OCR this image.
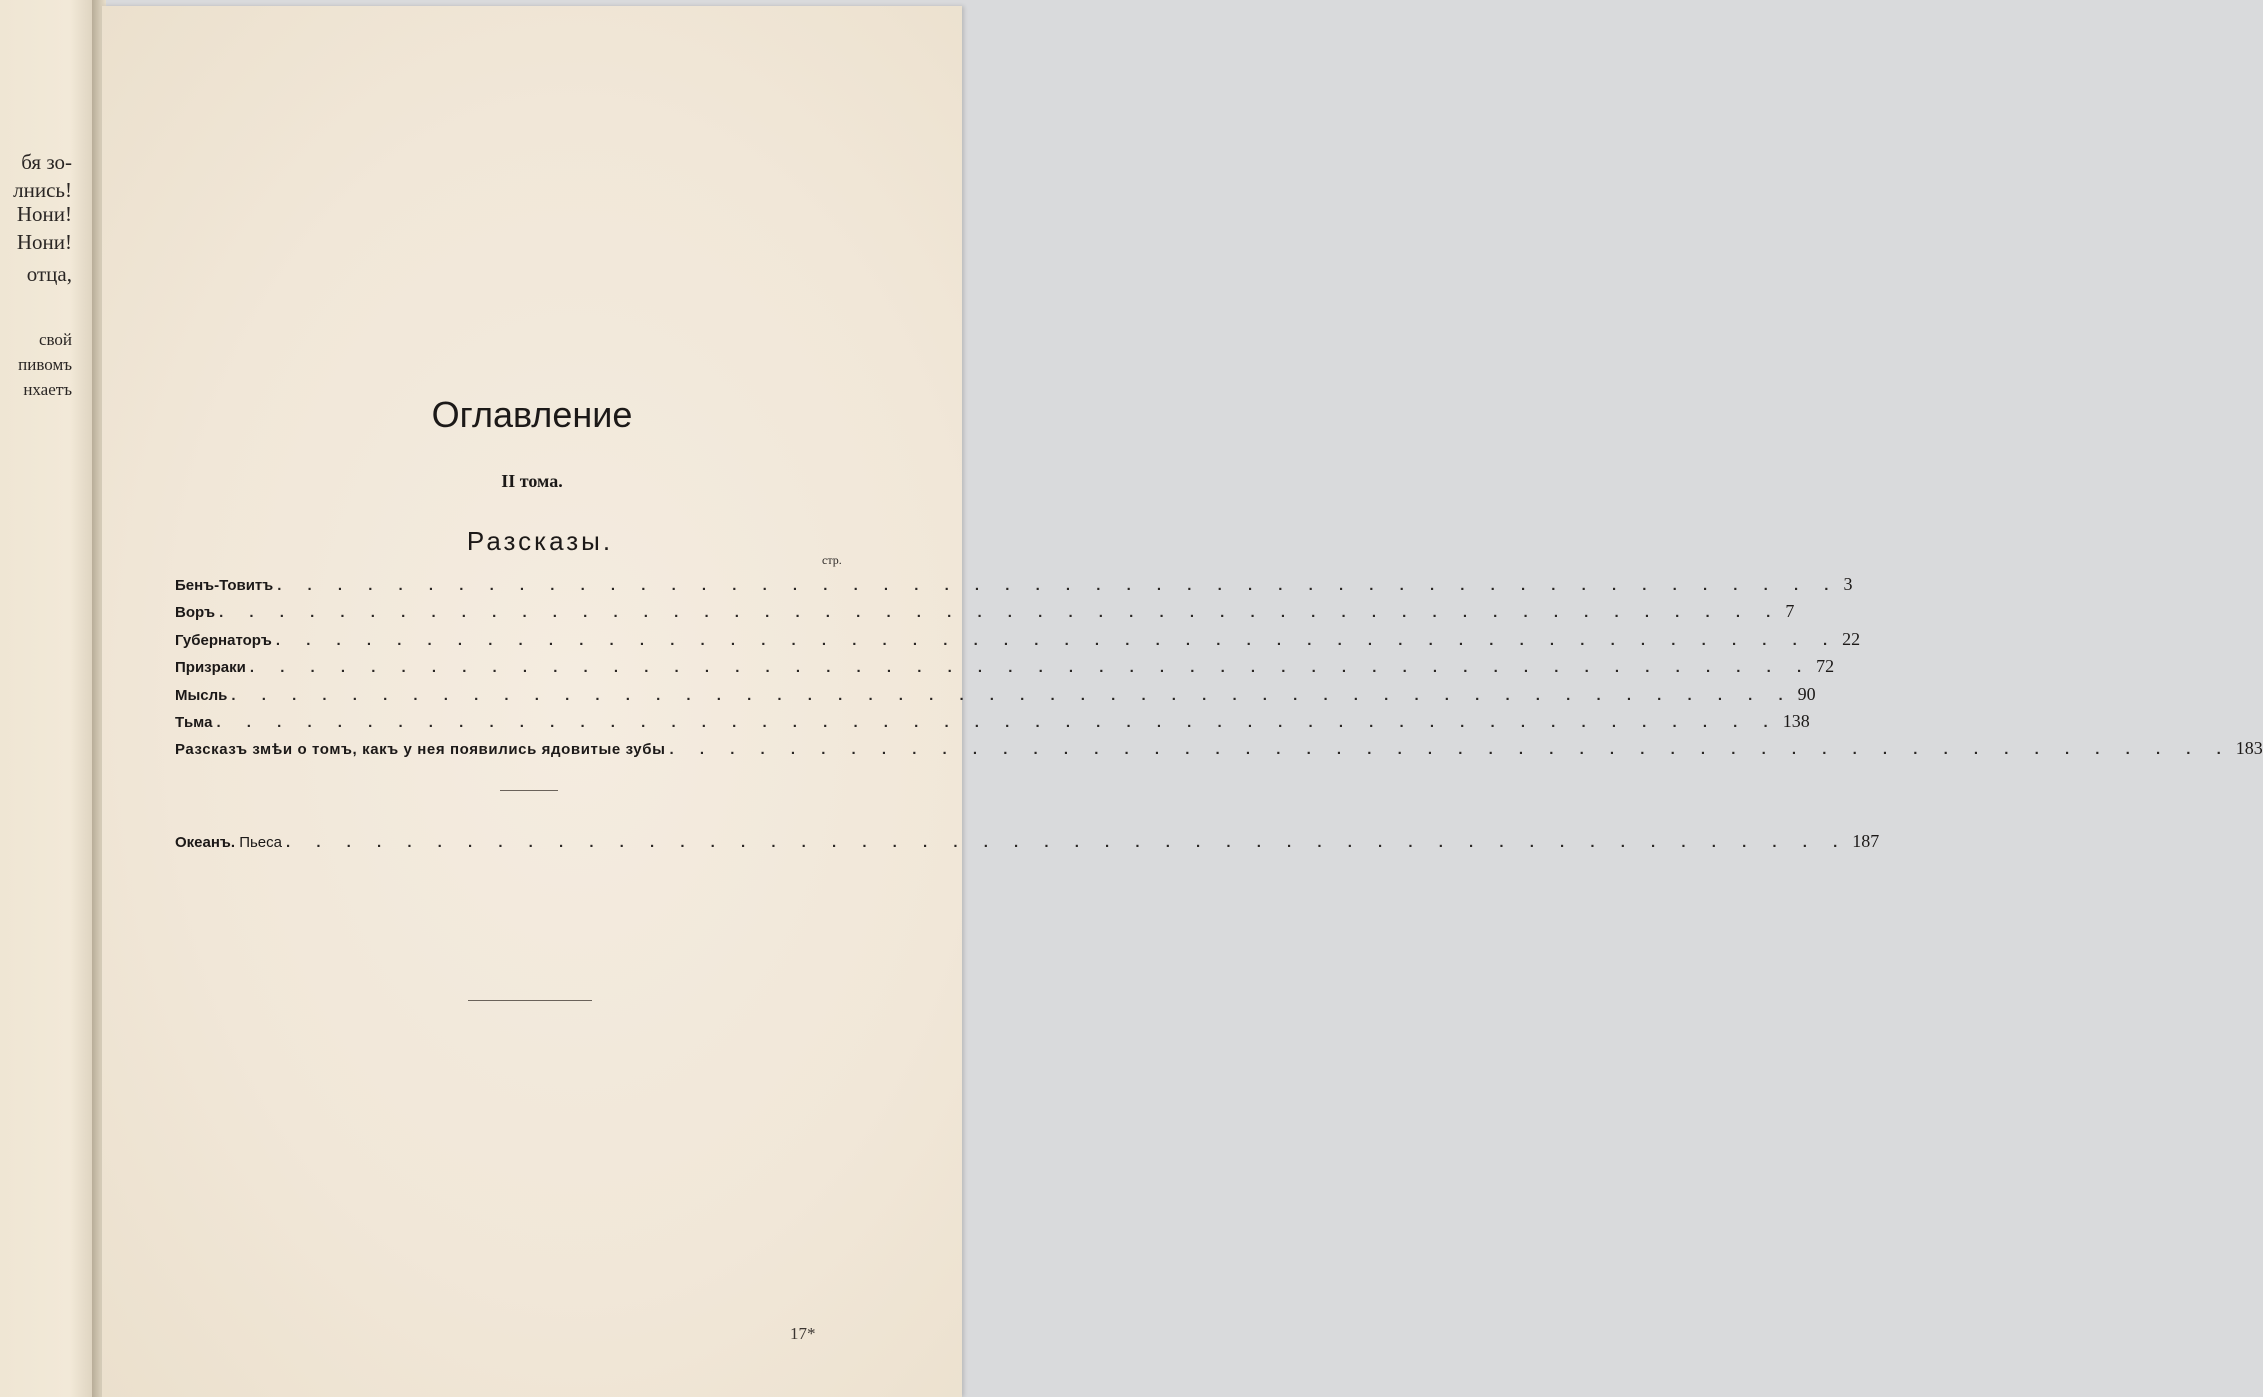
бя зо-
лнись!
Нони!
Нони!
отца,
свой
пивомъ
нхаетъ
Оглавление
II тома.
Разсказы.
стр.
Бенъ-Товитъ . . . . . . . . . . . . . . . . . . . . . . . . . . . . . . . . . . . . . . . . . . . . . . . . . . . . 3
Воръ . . . . . . . . . . . . . . . . . . . . . . . . . . . . . . . . . . . . . . . . . . . . . . . . . . . . 7
Губернаторъ . . . . . . . . . . . . . . . . . . . . . . . . . . . . . . . . . . . . . . . . . . . . . . . . . . . . 22
Призраки . . . . . . . . . . . . . . . . . . . . . . . . . . . . . . . . . . . . . . . . . . . . . . . . . . . . 72
Мысль . . . . . . . . . . . . . . . . . . . . . . . . . . . . . . . . . . . . . . . . . . . . . . . . . . . . 90
Тьма . . . . . . . . . . . . . . . . . . . . . . . . . . . . . . . . . . . . . . . . . . . . . . . . . . . . 138
Разсказъ змѣи о томъ, какъ у нея появились ядовитые зубы . . . . . . . . . . . . . . . . . . . . . . . . . . . . . . . . . . . . . . . . . . . . . . . . . . . . 183
Океанъ. Пьеса . . . . . . . . . . . . . . . . . . . . . . . . . . . . . . . . . . . . . . . . . . . . . . . . . . . . 187
17*
